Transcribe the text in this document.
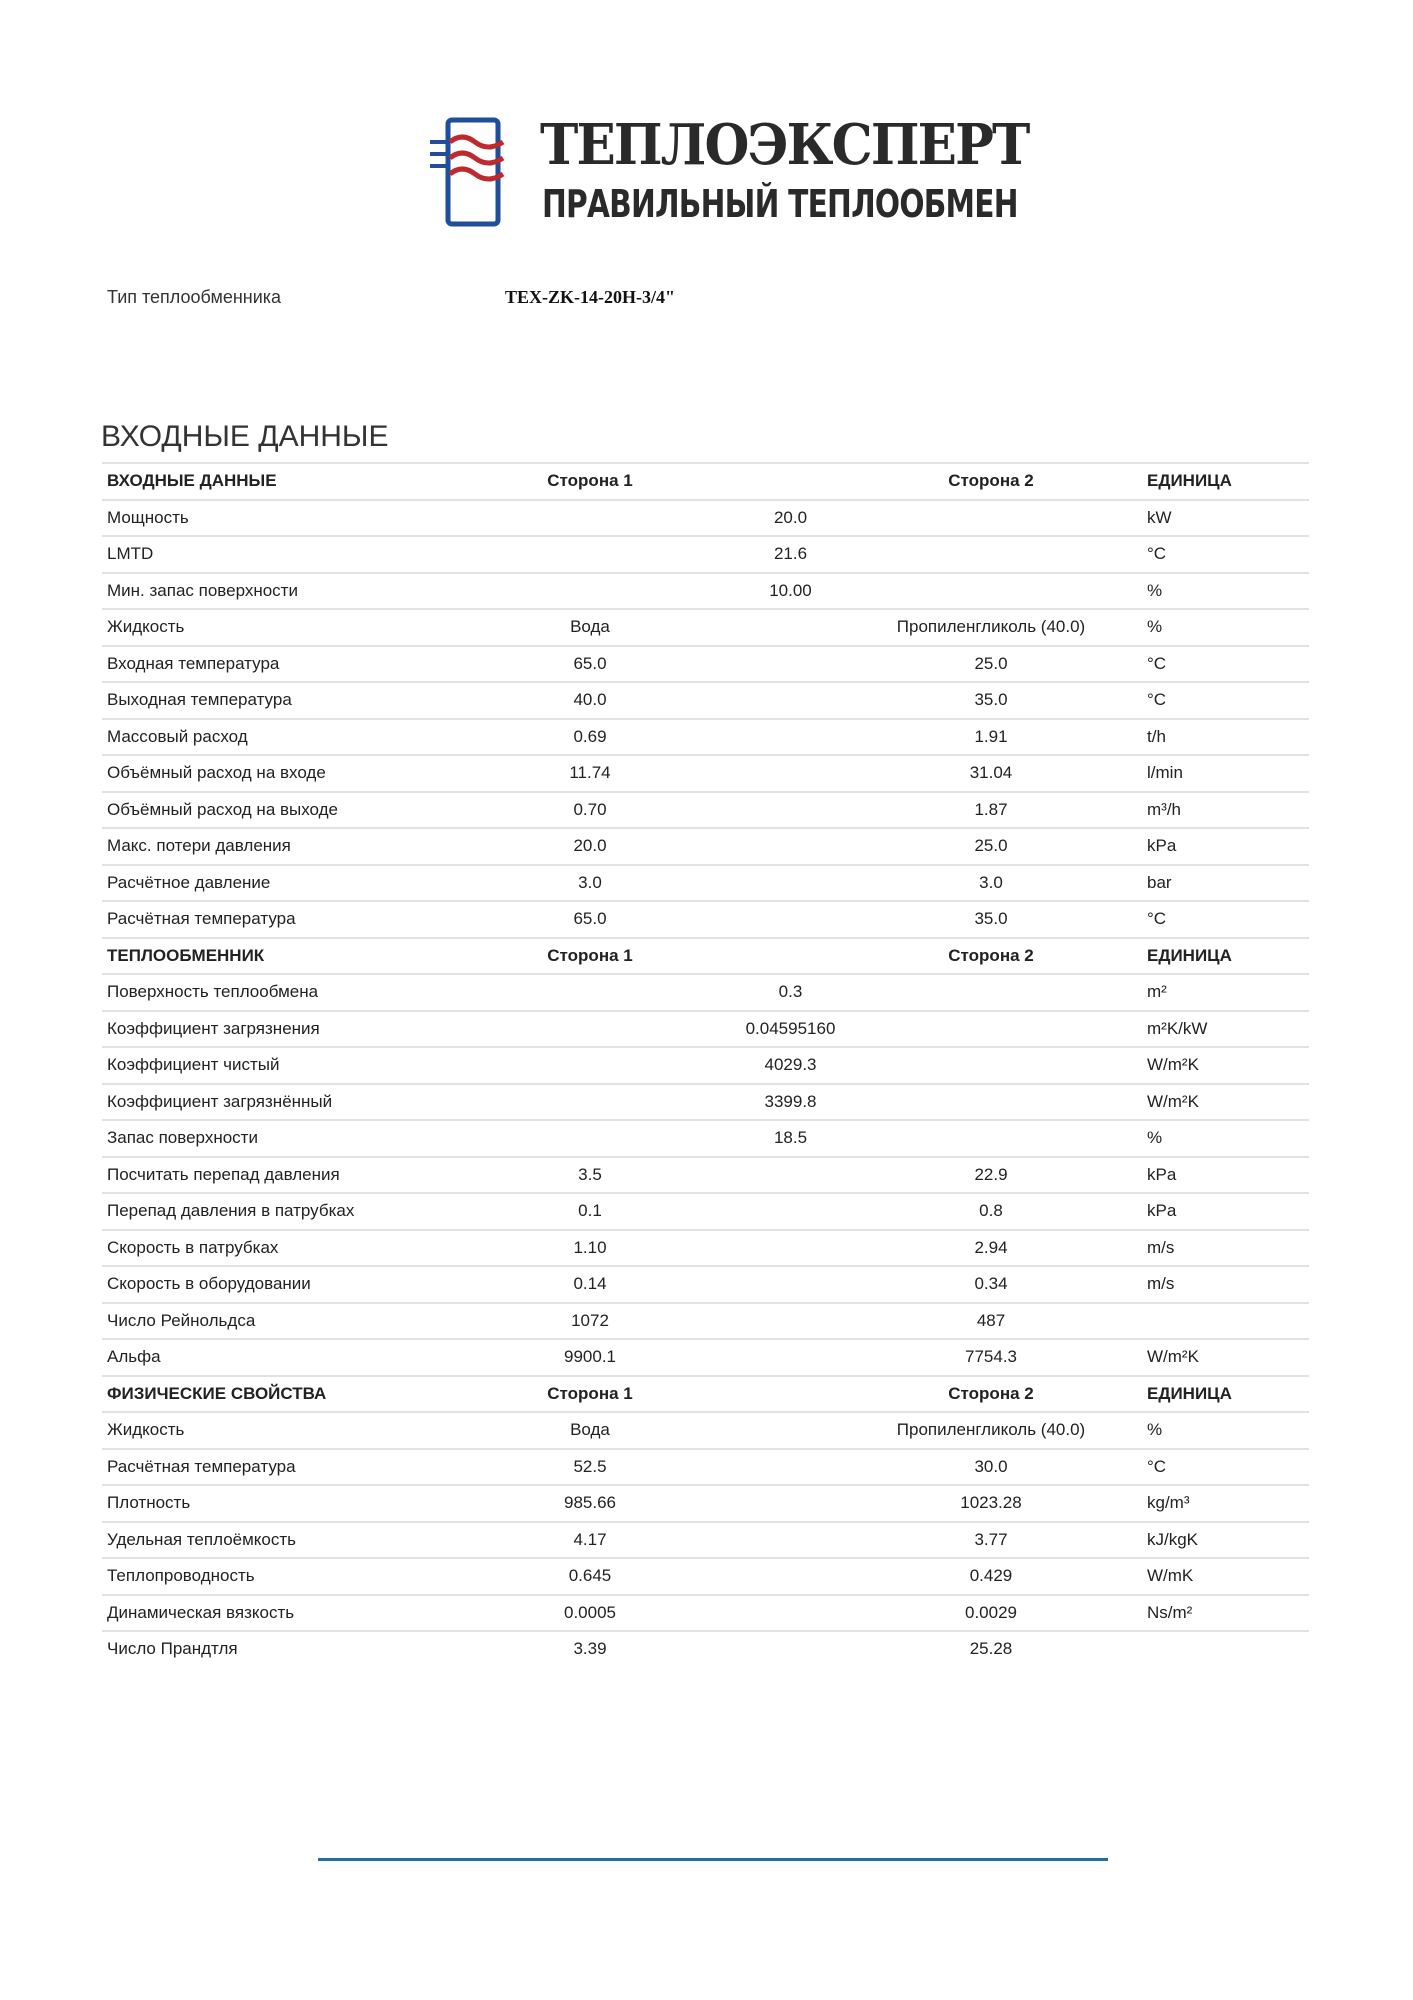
ТЕПЛОЭКСПЕРТ
ПРАВИЛЬНЫЙ ТЕПЛООБМЕН
Тип теплообменника	TEX-ZK-14-20H-3/4"
ВХОДНЫЕ ДАННЫЕ
ВХОДНЫЕ ДАННЫЕ	Сторона 1		Сторона 2	ЕДИНИЦА
Мощность	20.0			kW
LMTD	21.6			°C
Мин. запас поверхности	10.00			%
Жидкость	Вода		Пропиленгликоль (40.0)	%
Входная температура	65.0		25.0	°C
Выходная температура	40.0		35.0	°C
Массовый расход	0.69		1.91	t/h
Объёмный расход на входе	11.74		31.04	l/min
Объёмный расход на выходе	0.70		1.87	m³/h
Макс. потери давления	20.0		25.0	kPa
Расчётное давление	3.0		3.0	bar
Расчётная температура	65.0		35.0	°C
ТЕПЛООБМЕННИК	Сторона 1		Сторона 2	ЕДИНИЦА
Поверхность теплообмена	0.3			m²
Коэффициент загрязнения	0.04595160			m²K/kW
Коэффициент чистый	4029.3			W/m²K
Коэффициент загрязнённый	3399.8			W/m²K
Запас поверхности	18.5			%
Посчитать перепад давления	3.5		22.9	kPa
Перепад давления в патрубках	0.1		0.8	kPa
Скорость в патрубках	1.10		2.94	m/s
Скорость в оборудовании	0.14		0.34	m/s
Число Рейнольдса	1072		487	
Альфа	9900.1		7754.3	W/m²K
ФИЗИЧЕСКИЕ СВОЙСТВА	Сторона 1		Сторона 2	ЕДИНИЦА
Жидкость	Вода		Пропиленгликоль (40.0)	%
Расчётная температура	52.5		30.0	°C
Плотность	985.66		1023.28	kg/m³
Удельная теплоёмкость	4.17		3.77	kJ/kgK
Теплопроводность	0.645		0.429	W/mK
Динамическая вязкость	0.0005		0.0029	Ns/m²
Число Прандтля	3.39		25.28	
